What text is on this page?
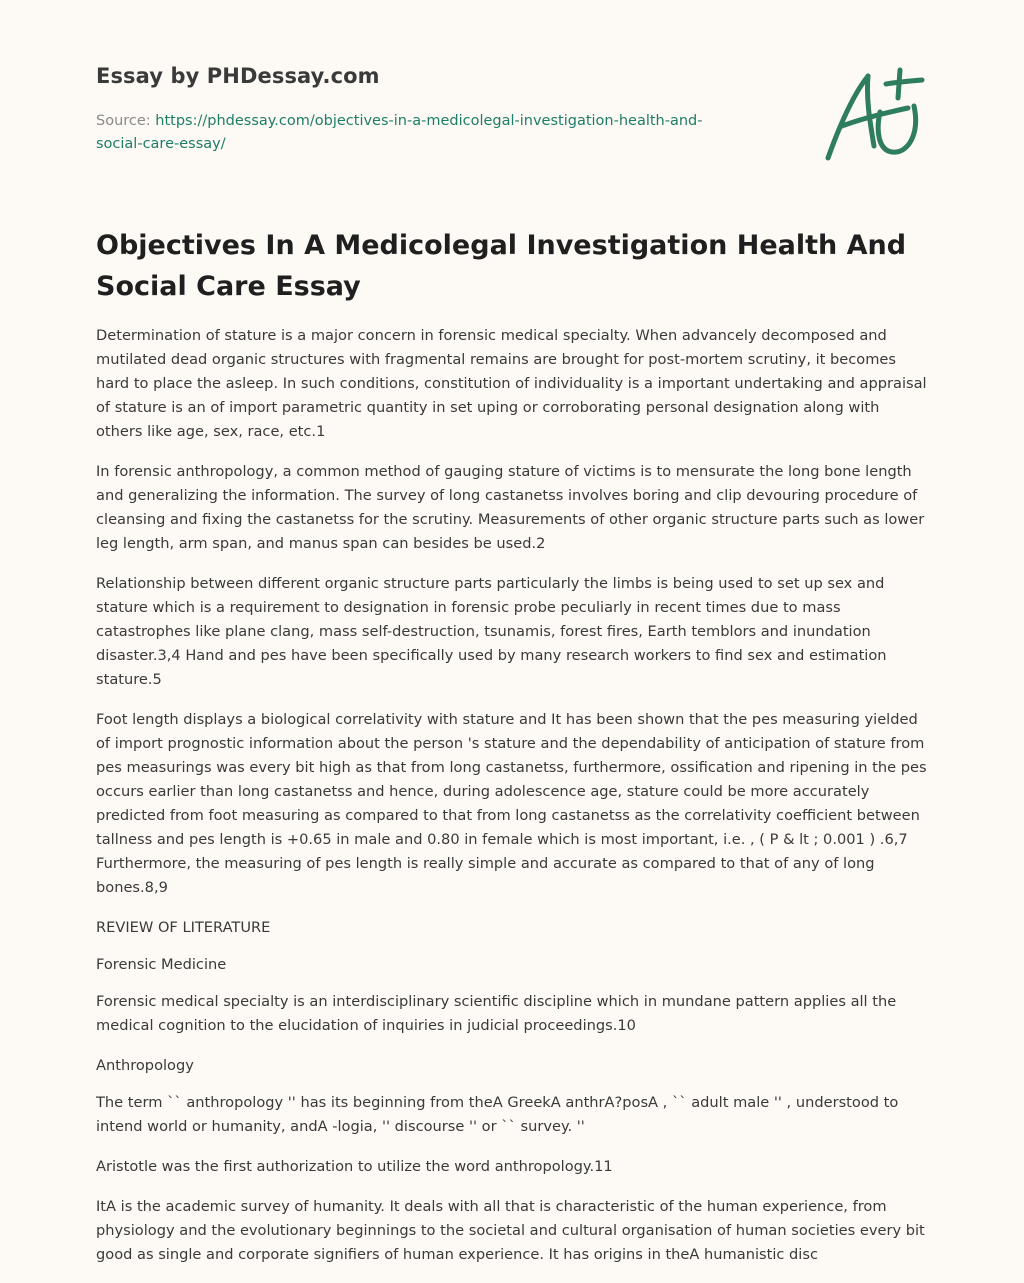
Essay by PHDessay.com
Source: https://phdessay.com/objectives-in-a-medicolegal-investigation-health-and-social-care-essay/
Objectives In A Medicolegal Investigation Health And Social Care Essay

Determination of stature is a major concern in forensic medical specialty. When advancely decomposed and mutilated dead organic structures with fragmental remains are brought for post-mortem scrutiny, it becomes hard to place the asleep. In such conditions, constitution of individuality is a important undertaking and appraisal of stature is an of import parametric quantity in set uping or corroborating personal designation along with others like age, sex, race, etc.1

In forensic anthropology, a common method of gauging stature of victims is to mensurate the long bone length and generalizing the information. The survey of long castanetss involves boring and clip devouring procedure of cleansing and fixing the castanetss for the scrutiny. Measurements of other organic structure parts such as lower leg length, arm span, and manus span can besides be used.2

Relationship between different organic structure parts particularly the limbs is being used to set up sex and stature which is a requirement to designation in forensic probe peculiarly in recent times due to mass catastrophes like plane clang, mass self-destruction, tsunamis, forest fires, Earth temblors and inundation disaster.3,4 Hand and pes have been specifically used by many research workers to find sex and estimation stature.5

Foot length displays a biological correlativity with stature and It has been shown that the pes measuring yielded of import prognostic information about the person 's stature and the dependability of anticipation of stature from pes measurings was every bit high as that from long castanetss, furthermore, ossification and ripening in the pes occurs earlier than long castanetss and hence, during adolescence age, stature could be more accurately predicted from foot measuring as compared to that from long castanetss as the correlativity coefficient between tallness and pes length is +0.65 in male and 0.80 in female which is most important, i.e. , ( P & lt ; 0.001 ) .6,7 Furthermore, the measuring of pes length is really simple and accurate as compared to that of any of long bones.8,9

REVIEW OF LITERATURE

Forensic Medicine

Forensic medical specialty is an interdisciplinary scientific discipline which in mundane pattern applies all the medical cognition to the elucidation of inquiries in judicial proceedings.10

Anthropology

The term `` anthropology '' has its beginning from theA GreekA anthrA?posA , `` adult male '' , understood to intend world or humanity, andA -logia, '' discourse '' or `` survey. ''

Aristotle was the first authorization to utilize the word anthropology.11

ItA is the academic survey of humanity. It deals with all that is characteristic of the human experience, from physiology and the evolutionary beginnings to the societal and cultural organisation of human societies every bit good as single and corporate signifiers of human experience. It has origins in theA humanistic disc
